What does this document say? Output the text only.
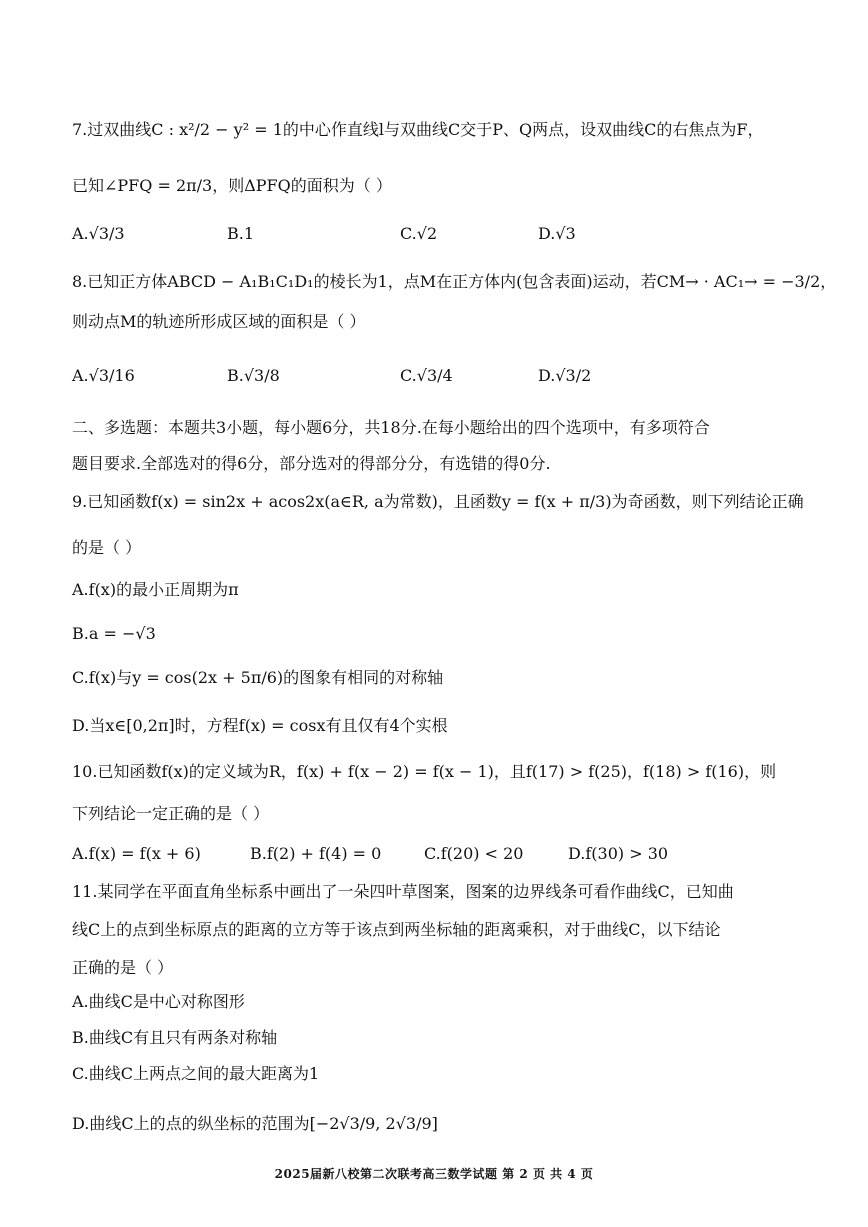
7.过双曲线C : x²/2 − y² = 1的中心作直线l与双曲线C交于P、Q两点，设双曲线C的右焦点为F，
已知∠PFQ = 2π/3，则ΔPFQ的面积为（ ）
A.√3/3	B.1	C.√2	D.√3
8.已知正方体ABCD − A₁B₁C₁D₁的棱长为1，点M在正方体内(包含表面)运动，若CM→ · AC₁→ = −3/2，
则动点M的轨迹所形成区域的面积是（ ）
A.√3/16	B.√3/8	C.√3/4	D.√3/2
二、多选题：本题共3小题，每小题6分，共18分.在每小题给出的四个选项中，有多项符合
题目要求.全部选对的得6分，部分选对的得部分分，有选错的得0分.
9.已知函数f(x) = sin2x + acos2x(a∈R, a为常数)，且函数y = f(x + π/3)为奇函数，则下列结论正确
的是（ ）
A.f(x)的最小正周期为π
B.a = −√3
C.f(x)与y = cos(2x + 5π/6)的图象有相同的对称轴
D.当x∈[0,2π]时，方程f(x) = cosx有且仅有4个实根
10.已知函数f(x)的定义域为R，f(x) + f(x − 2) = f(x − 1)，且f(17) > f(25)，f(18) > f(16)，则
下列结论一定正确的是（ ）
A.f(x) = f(x + 6)	B.f(2) + f(4) = 0	C.f(20) < 20	D.f(30) > 30
11.某同学在平面直角坐标系中画出了一朵四叶草图案，图案的边界线条可看作曲线C，已知曲
线C上的点到坐标原点的距离的立方等于该点到两坐标轴的距离乘积，对于曲线C，以下结论
正确的是（ ）
A.曲线C是中心对称图形
B.曲线C有且只有两条对称轴
C.曲线C上两点之间的最大距离为1
D.曲线C上的点的纵坐标的范围为[−2√3/9, 2√3/9]
2025届新八校第二次联考高三数学试题 第 2 页 共 4 页
